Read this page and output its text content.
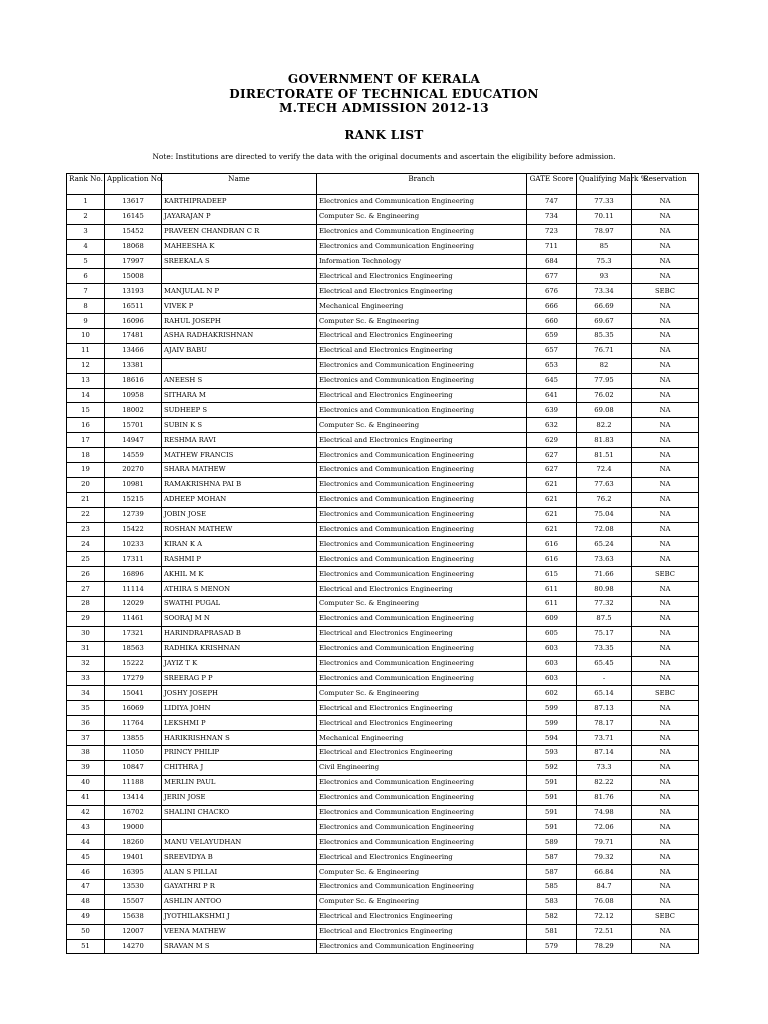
GOVERNMENT OF KERALA
DIRECTORATE OF TECHNICAL EDUCATION
M.TECH ADMISSION 2012-13
RANK LIST
Note: Institutions are directed to verify the data with the original documents and ascertain the eligibility before admission.
Rank No.	Application No.	Name	Branch	GATE Score	Qualifying Mark %	Reservation
1	13617	KARTHIPRADEEP	Electronics and Communication Engineering	747	77.33	NA
2	16145	JAYARAJAN P	Computer Sc. & Engineering	734	70.11	NA
3	15452	PRAVEEN CHANDRAN C R	Electronics and Communication Engineering	723	78.97	NA
4	18068	MAHEESHA K	Electronics and Communication Engineering	711	85	NA
5	17997	SREEKALA S	Information Technology	684	75.3	NA
6	15008		Electrical and Electronics Engineering	677	93	NA
7	13193	MANJULAL N P	Electrical and Electronics Engineering	676	73.34	SEBC
8	16511	VIVEK P	Mechanical Engineering	666	66.69	NA
9	16096	RAHUL JOSEPH	Computer Sc. & Engineering	660	69.67	NA
10	17481	ASHA RADHAKRISHNAN	Electrical and Electronics Engineering	659	85.35	NA
11	13466	AJAIV BABU	Electrical and Electronics Engineering	657	76.71	NA
12	13381		Electronics and Communication Engineering	653	82	NA
13	18616	ANEESH S	Electronics and Communication Engineering	645	77.95	NA
14	10958	SITHARA M	Electrical and Electronics Engineering	641	76.02	NA
15	18002	SUDHEEP S	Electronics and Communication Engineering	639	69.08	NA
16	15701	SUBIN K S	Computer Sc. & Engineering	632	82.2	NA
17	14947	RESHMA RAVI	Electrical and Electronics Engineering	629	81.83	NA
18	14559	MATHEW FRANCIS	Electronics and Communication Engineering	627	81.51	NA
19	20270	SHARA MATHEW	Electronics and Communication Engineering	627	72.4	NA
20	10981	RAMAKRISHNA PAI B	Electronics and Communication Engineering	621	77.63	NA
21	15215	ADHEEP MOHAN	Electronics and Communication Engineering	621	76.2	NA
22	12739	JOBIN JOSE	Electronics and Communication Engineering	621	75.04	NA
23	15422	ROSHAN MATHEW	Electronics and Communication Engineering	621	72.08	NA
24	10233	KIRAN K A	Electronics and Communication Engineering	616	65.24	NA
25	17311	RASHMI P	Electronics and Communication Engineering	616	73.63	NA
26	16896	AKHIL M K	Electronics and Communication Engineering	615	71.66	SEBC
27	11114	ATHIRA S MENON	Electrical and Electronics Engineering	611	80.98	NA
28	12029	SWATHI PUGAL	Computer Sc. & Engineering	611	77.32	NA
29	11461	SOORAJ M N	Electronics and Communication Engineering	609	87.5	NA
30	17321	HARINDRAPRASAD B	Electrical and Electronics Engineering	605	75.17	NA
31	18563	RADHIKA KRISHNAN	Electronics and Communication Engineering	603	73.35	NA
32	15222	JAYIZ T K	Electronics and Communication Engineering	603	65.45	NA
33	17279	SREERAG P P	Electronics and Communication Engineering	603	-	NA
34	15041	JOSHY JOSEPH	Computer Sc. & Engineering	602	65.14	SEBC
35	16069	LIDIYA JOHN	Electrical and Electronics Engineering	599	87.13	NA
36	11764	LEKSHMI P	Electrical and Electronics Engineering	599	78.17	NA
37	13855	HARIKRISHNAN S	Mechanical Engineering	594	73.71	NA
38	11050	PRINCY PHILIP	Electrical and Electronics Engineering	593	87.14	NA
39	10847	CHITHRA J	Civil Engineering	592	73.3	NA
40	11188	MERLIN PAUL	Electronics and Communication Engineering	591	82.22	NA
41	13414	JERIN JOSE	Electronics and Communication Engineering	591	81.76	NA
42	16702	SHALINI CHACKO	Electronics and Communication Engineering	591	74.98	NA
43	19000		Electronics and Communication Engineering	591	72.06	NA
44	18260	MANU VELAYUDHAN	Electronics and Communication Engineering	589	79.71	NA
45	19401	SREEVIDYA B	Electrical and Electronics Engineering	587	79.32	NA
46	16395	ALAN S PILLAI	Computer Sc. & Engineering	587	66.84	NA
47	13530	GAYATHRI P R	Electronics and Communication Engineering	585	84.7	NA
48	15507	ASHLIN ANTOO	Computer Sc. & Engineering	583	76.08	NA
49	15638	JYOTHILAKSHMI J	Electrical and Electronics Engineering	582	72.12	SEBC
50	12007	VEENA MATHEW	Electrical and Electronics Engineering	581	72.51	NA
51	14270	SRAVAN M S	Electronics and Communication Engineering	579	78.29	NA
